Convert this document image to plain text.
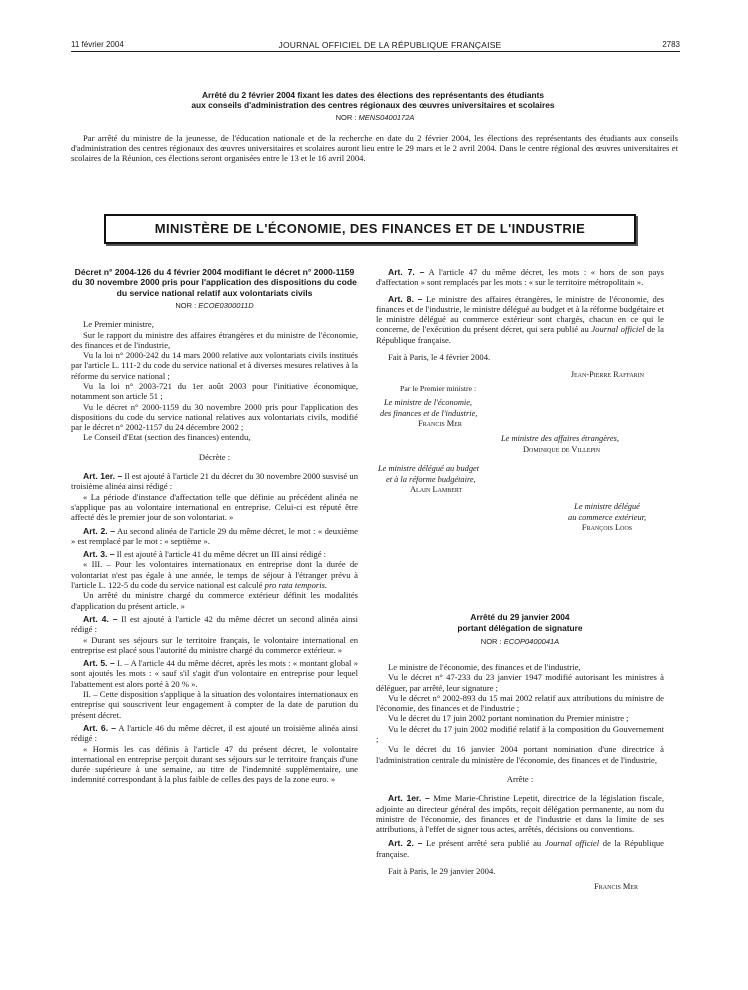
11 février 2004	JOURNAL OFFICIEL DE LA RÉPUBLIQUE FRANÇAISE	2783
Arrêté du 2 février 2004 fixant les dates des élections des représentants des étudiants
aux conseils d'administration des centres régionaux des œuvres universitaires et scolaires
NOR : MENS0400172A
Par arrêté du ministre de la jeunesse, de l'éducation nationale et de la recherche en date du 2 février 2004, les élections des représentants des étudiants aux conseils d'administration des centres régionaux des œuvres universitaires et scolaires auront lieu entre le 29 mars et le 2 avril 2004. Dans le centre régional des œuvres universitaires et scolaires de la Réunion, ces élections seront organisées entre le 13 et le 16 avril 2004.
MINISTÈRE DE L'ÉCONOMIE, DES FINANCES ET DE L'INDUSTRIE
Décret n° 2004-126 du 4 février 2004 modifiant le décret n° 2000-1159 du 30 novembre 2000 pris pour l'application des dispositions du code du service national relatif aux volontariats civils
NOR : ECOE0300011D

Le Premier ministre,

Sur le rapport du ministre des affaires étrangères et du ministre de l'économie, des finances et de l'industrie,

Vu la loi n° 2000-242 du 14 mars 2000 relative aux volontariats civils institués par l'article L. 111-2 du code du service national et à diverses mesures relatives à la réforme du service national ;

Vu la loi n° 2003-721 du 1er août 2003 pour l'initiative économique, notamment son article 51 ;

Vu le décret n° 2000-1159 du 30 novembre 2000 pris pour l'application des dispositions du code du service national relatives aux volontariats civils, modifié par le décret n° 2002-1157 du 24 décembre 2002 ;

Le Conseil d'Etat (section des finances) entendu,

Décrète :

Art. 1er. – Il est ajouté à l'article 21 du décret du 30 novembre 2000 susvisé un troisième alinéa ainsi rédigé :

« La période d'instance d'affectation telle que définie au précédent alinéa ne s'applique pas au volontaire international en entreprise. Celui-ci est réputé être affecté dès le premier jour de son volontariat. »

Art. 2. – Au second alinéa de l'article 29 du même décret, le mot : « deuxième » est remplacé par le mot : « septième ».

Art. 3. – Il est ajouté à l'article 41 du même décret un III ainsi rédigé :

« III. – Pour les volontaires internationaux en entreprise dont la durée de volontariat n'est pas égale à une année, le temps de séjour à l'étranger prévu à l'article L. 122-5 du code du service national est calculé pro rata temporis.

Un arrêté du ministre chargé du commerce extérieur définit les modalités d'application du présent article. »

Art. 4. – Il est ajouté à l'article 42 du même décret un second alinéa ainsi rédigé :

« Durant ses séjours sur le territoire français, le volontaire international en entreprise est placé sous l'autorité du ministre chargé du commerce extérieur. »

Art. 5. – I. – A l'article 44 du même décret, après les mots : « montant global » sont ajoutés les mots : « sauf s'il s'agit d'un volontaire en entreprise pour lequel l'abattement est alors porté à 20 % ».

II. – Cette disposition s'applique à la situation des volontaires internationaux en entreprise qui souscrivent leur engagement à compter de la date de parution du présent décret.

Art. 6. – A l'article 46 du même décret, il est ajouté un troisième alinéa ainsi rédigé :

« Hormis les cas définis à l'article 47 du présent décret, le volontaire international en entreprise perçoit durant ses séjours sur le territoire français d'une durée supérieure à une semaine, au titre de l'indemnité supplémentaire, une indemnité correspondant à la plus faible de celles des pays de la zone euro. »

Art. 7. – A l'article 47 du même décret, les mots : « hors de son pays d'affectation » sont remplacés par les mots : « sur le territoire métropolitain ».

Art. 8. – Le ministre des affaires étrangères, le ministre de l'économie, des finances et de l'industrie, le ministre délégué au budget et à la réforme budgétaire et le ministre délégué au commerce extérieur sont chargés, chacun en ce qui le concerne, de l'exécution du présent décret, qui sera publié au Journal officiel de la République française.

Fait à Paris, le 4 février 2004.

Jean-Pierre Raffarin
Par le Premier ministre :
Le ministre de l'économie,
des finances et de l'industrie,
Francis Mer
Le ministre des affaires étrangères,
Dominique de Villepin
Le ministre délégué au budget
et à la réforme budgétaire,
Alain Lambert
Le ministre délégué
au commerce extérieur,
François Loos
Arrêté du 29 janvier 2004
portant délégation de signature
NOR : ECOP0400041A

Le ministre de l'économie, des finances et de l'industrie,

Vu le décret n° 47-233 du 23 janvier 1947 modifié autorisant les ministres à déléguer, par arrêté, leur signature ;

Vu le décret n° 2002-893 du 15 mai 2002 relatif aux attributions du ministre de l'économie, des finances et de l'industrie ;

Vu le décret du 17 juin 2002 portant nomination du Premier ministre ;

Vu le décret du 17 juin 2002 modifié relatif à la composition du Gouvernement ;

Vu le décret du 16 janvier 2004 portant nomination d'une directrice à l'administration centrale du ministère de l'économie, des finances et de l'industrie,

Arrête :

Art. 1er. – Mme Marie-Christine Lepetit, directrice de la législation fiscale, adjointe au directeur général des impôts, reçoit délégation permanente, au nom du ministre de l'économie, des finances et de l'industrie et dans la limite de ses attributions, à l'effet de signer tous actes, arrêtés, décisions ou conventions.

Art. 2. – Le présent arrêté sera publié au Journal officiel de la République française.

Fait à Paris, le 29 janvier 2004.

Francis Mer
